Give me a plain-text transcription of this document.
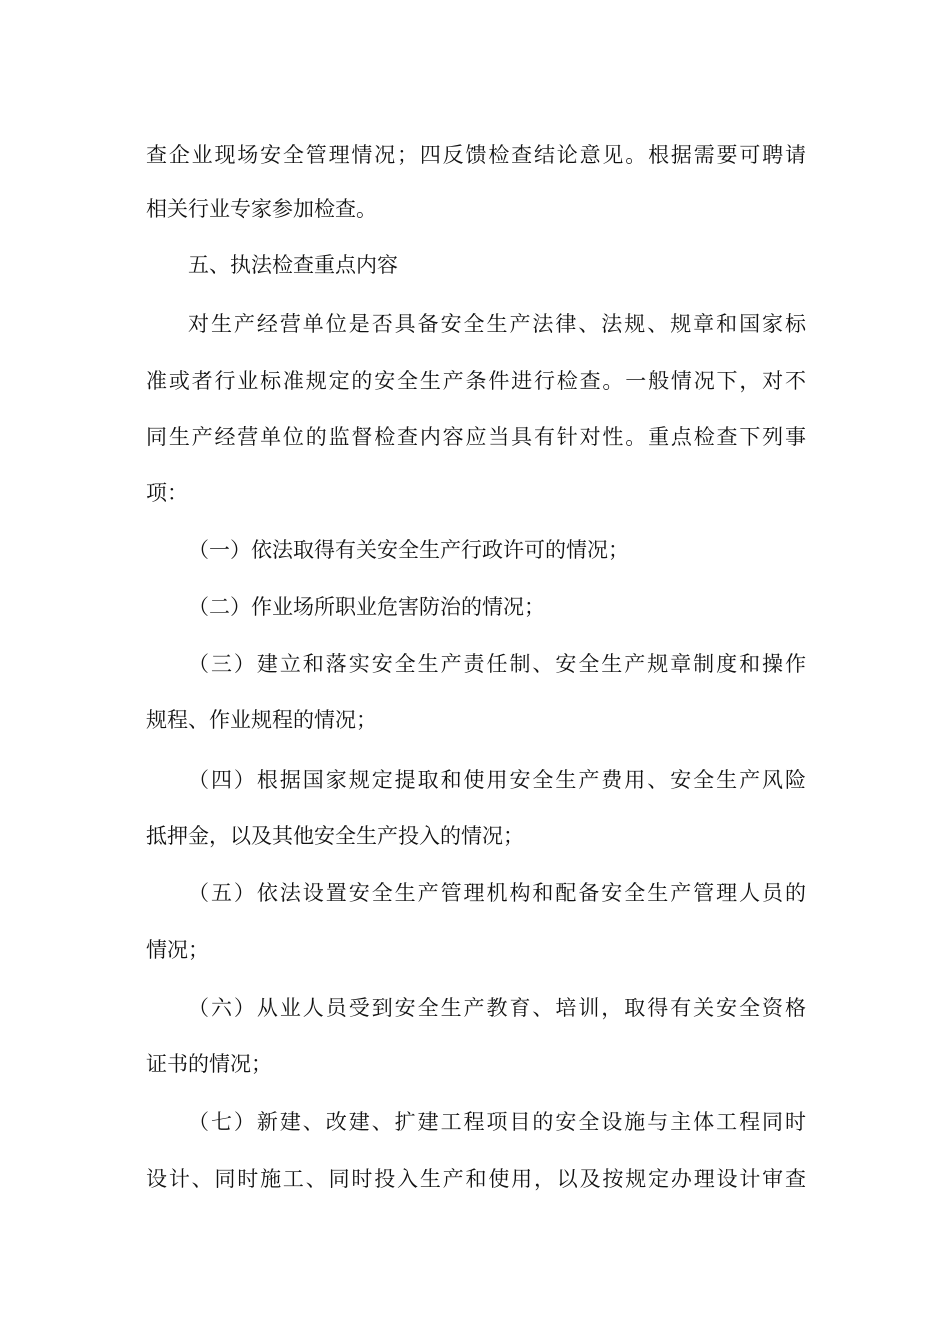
查企业现场安全管理情况；四反馈检查结论意见。根据需要可聘请
相关行业专家参加检查。
五、执法检查重点内容
对生产经营单位是否具备安全生产法律、法规、规章和国家标
准或者行业标准规定的安全生产条件进行检查。一般情况下，对不
同生产经营单位的监督检查内容应当具有针对性。重点检查下列事
项：
（一）依法取得有关安全生产行政许可的情况；
（二）作业场所职业危害防治的情况；
（三）建立和落实安全生产责任制、安全生产规章制度和操作
规程、作业规程的情况；
（四）根据国家规定提取和使用安全生产费用、安全生产风险
抵押金，以及其他安全生产投入的情况；
（五）依法设置安全生产管理机构和配备安全生产管理人员的
情况；
（六）从业人员受到安全生产教育、培训，取得有关安全资格
证书的情况；
（七）新建、改建、扩建工程项目的安全设施与主体工程同时
设计、同时施工、同时投入生产和使用，以及按规定办理设计审查
